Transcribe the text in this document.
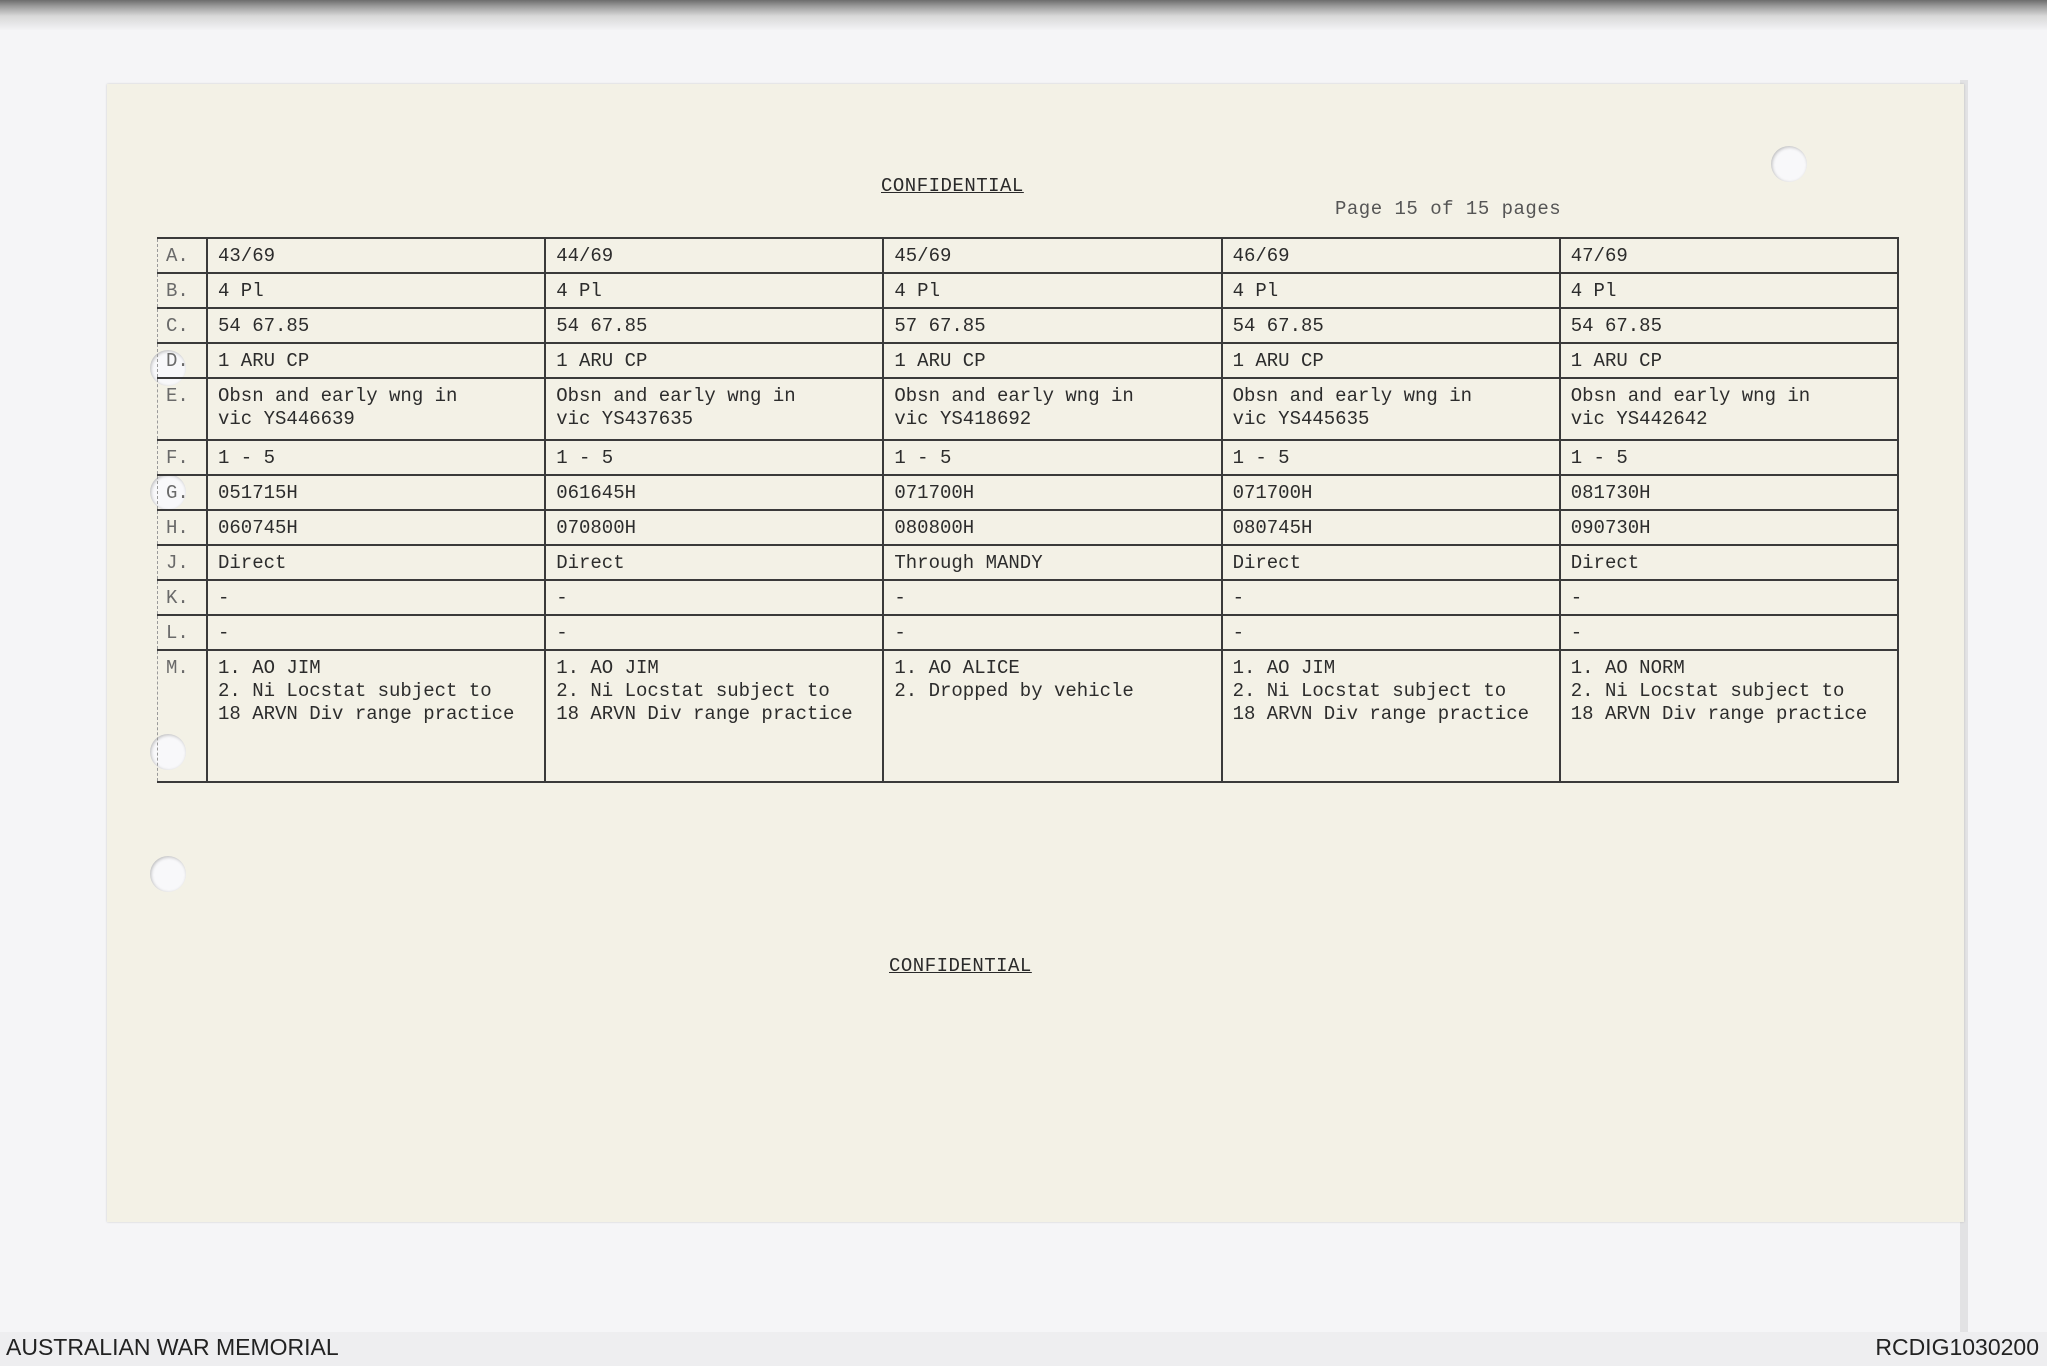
CONFIDENTIAL
Page 15 of 15 pages
A.	43/69	44/69	45/69	46/69	47/69
B.	4 Pl	4 Pl	4 Pl	4 Pl	4 Pl
C.	54 67.85	54 67.85	57 67.85	54 67.85	54 67.85
D.	1 ARU CP	1 ARU CP	1 ARU CP	1 ARU CP	1 ARU CP
E.	Obsn and early wng in
vic YS446639	Obsn and early wng in
vic YS437635	Obsn and early wng in
vic YS418692	Obsn and early wng in
vic YS445635	Obsn and early wng in
vic YS442642
F.	1 - 5	1 - 5	1 - 5	1 - 5	1 - 5
G.	051715H	061645H	071700H	071700H	081730H
H.	060745H	070800H	080800H	080745H	090730H
J.	Direct	Direct	Through MANDY	Direct	Direct
K.	-	-	-	-	-
L.	-	-	-	-	-
M.	1. AO JIM
2. Ni Locstat subject to
18 ARVN Div range practice	1. AO JIM
2. Ni Locstat subject to
18 ARVN Div range practice	1. AO ALICE
2. Dropped by vehicle	1. AO JIM
2. Ni Locstat subject to
18 ARVN Div range practice	1. AO NORM
2. Ni Locstat subject to
18 ARVN Div range practice
CONFIDENTIAL
AUSTRALIAN WAR MEMORIAL	RCDIG1030200
